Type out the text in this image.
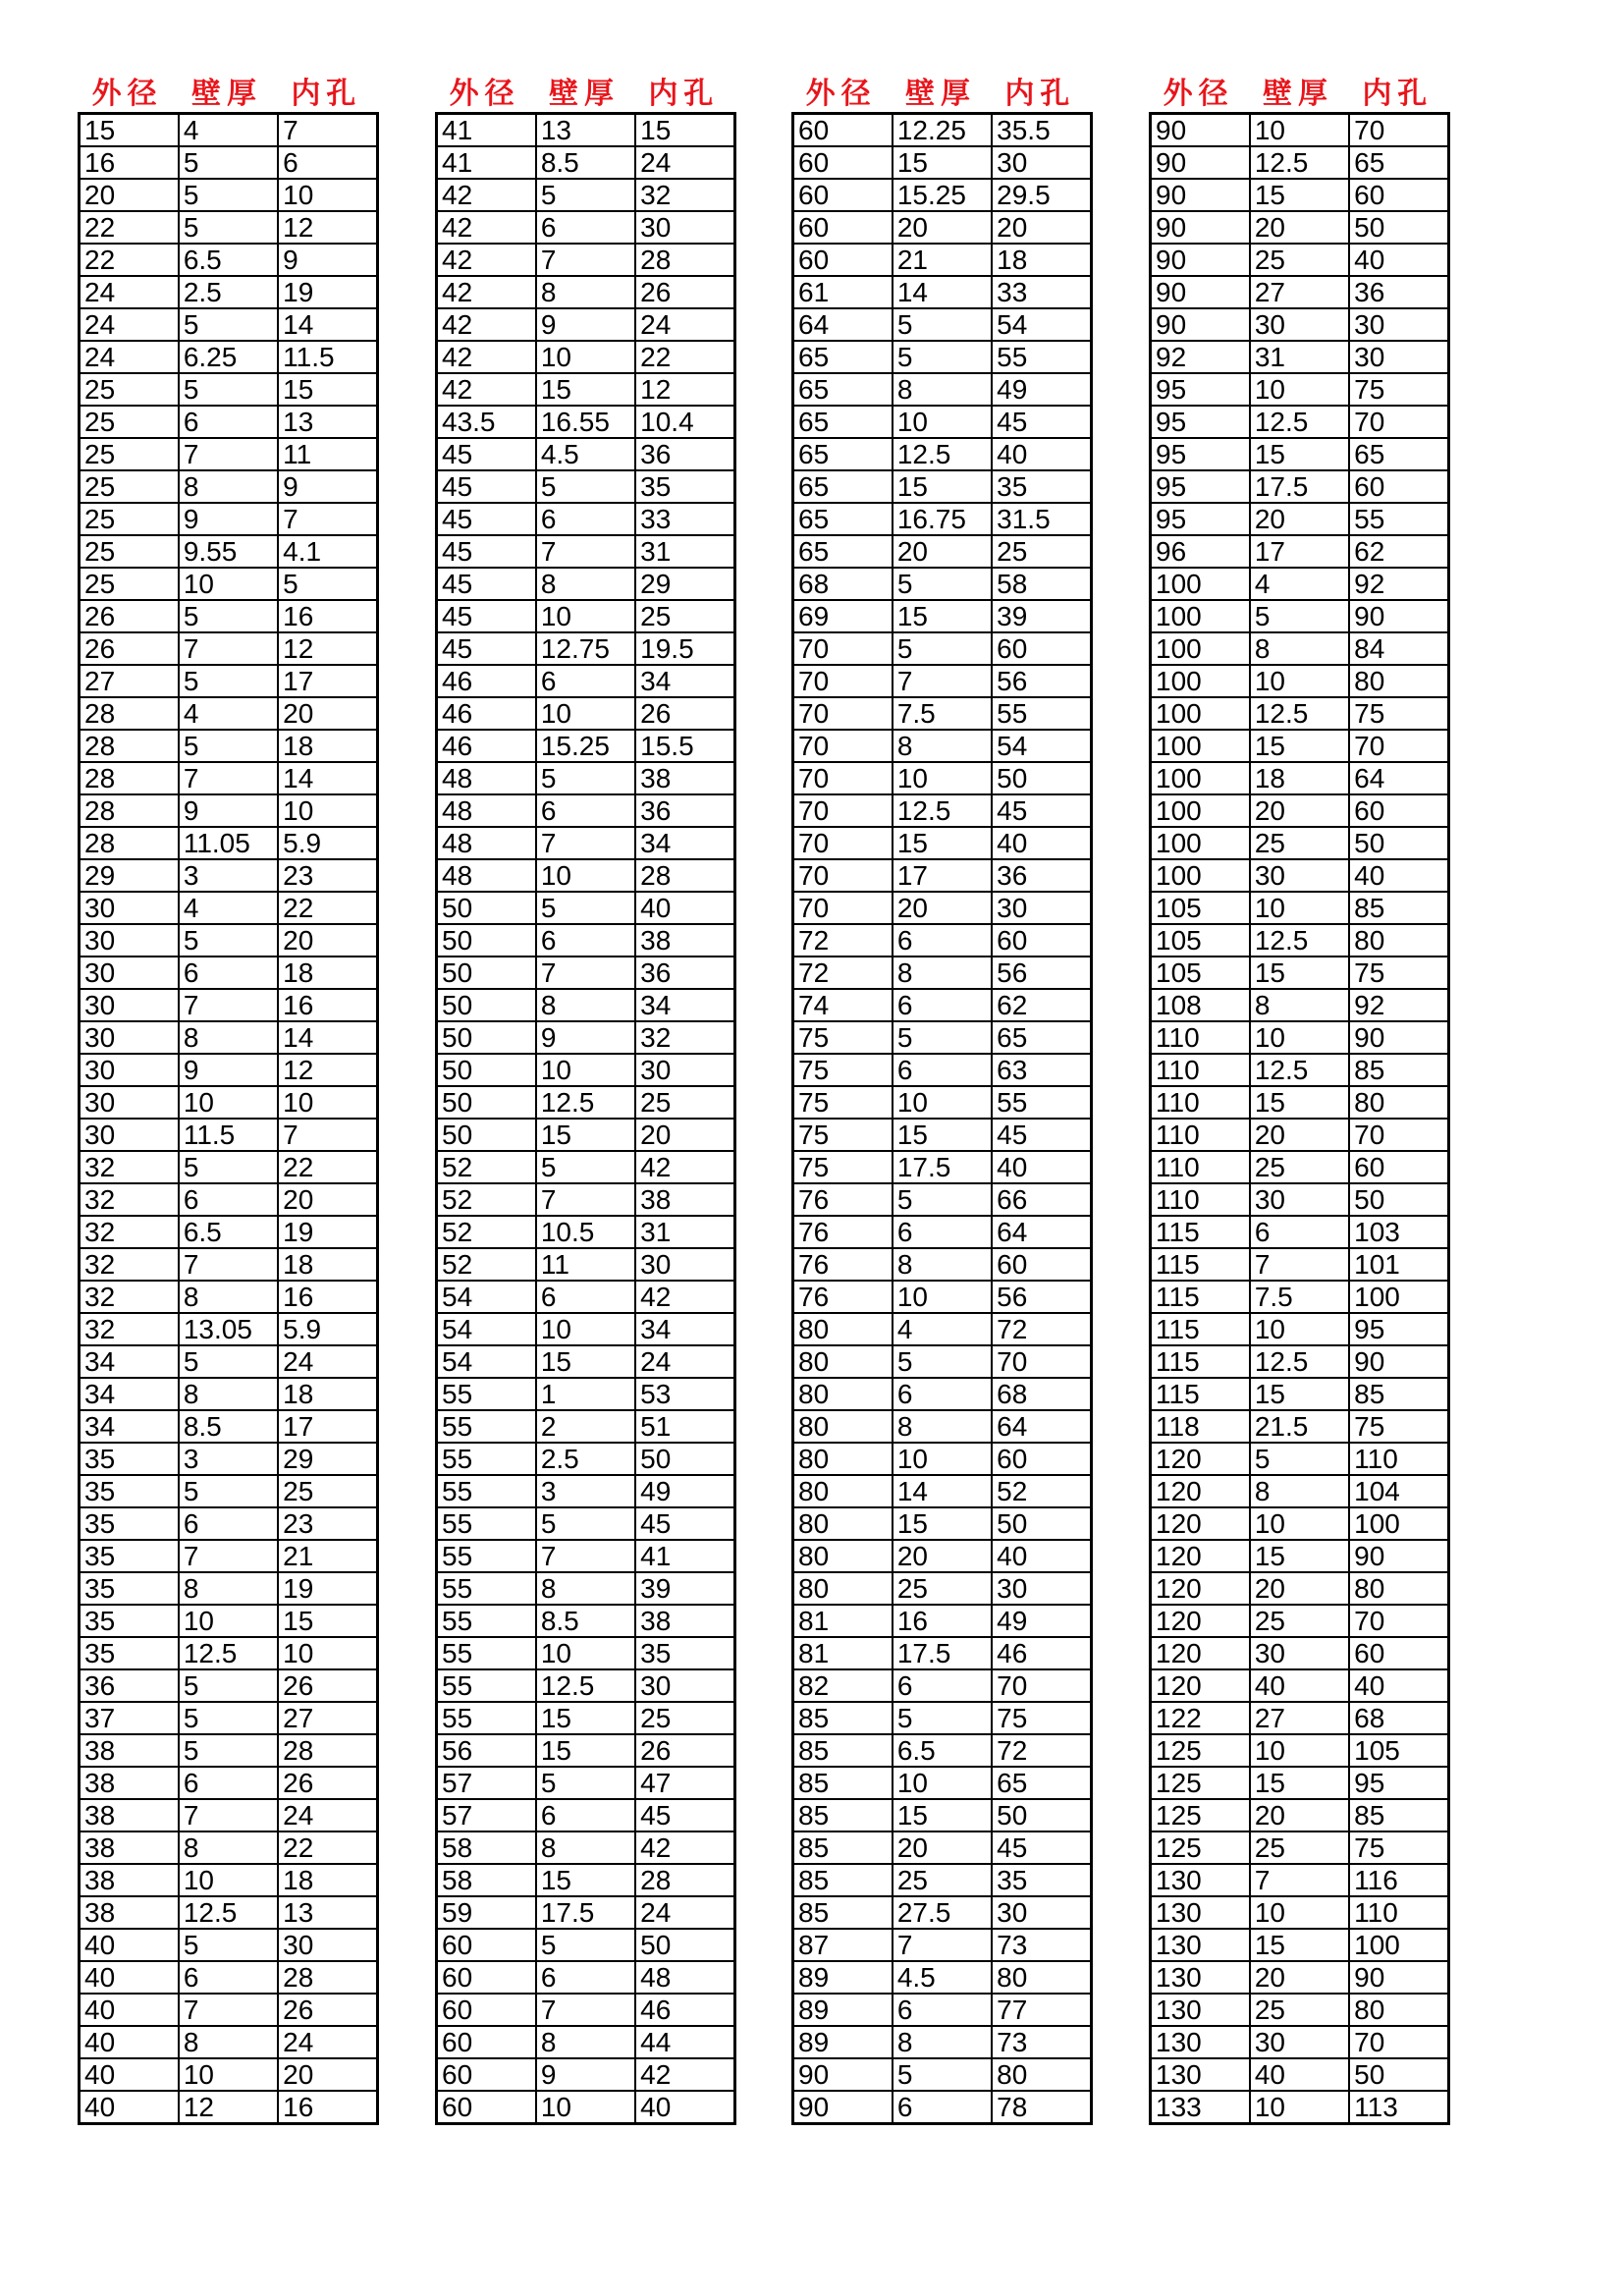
外径 壁厚 内孔
15	4	7
16	5	6
20	5	10
22	5	12
22	6.5	9
24	2.5	19
24	5	14
24	6.25	11.5
25	5	15
25	6	13
25	7	11
25	8	9
25	9	7
25	9.55	4.1
25	10	5
26	5	16
26	7	12
27	5	17
28	4	20
28	5	18
28	7	14
28	9	10
28	11.05	5.9
29	3	23
30	4	22
30	5	20
30	6	18
30	7	16
30	8	14
30	9	12
30	10	10
30	11.5	7
32	5	22
32	6	20
32	6.5	19
32	7	18
32	8	16
32	13.05	5.9
34	5	24
34	8	18
34	8.5	17
35	3	29
35	5	25
35	6	23
35	7	21
35	8	19
35	10	15
35	12.5	10
36	5	26
37	5	27
38	5	28
38	6	26
38	7	24
38	8	22
38	10	18
38	12.5	13
40	5	30
40	6	28
40	7	26
40	8	24
40	10	20
40	12	16
外径 壁厚 内孔
41	13	15
41	8.5	24
42	5	32
42	6	30
42	7	28
42	8	26
42	9	24
42	10	22
42	15	12
43.5	16.55	10.4
45	4.5	36
45	5	35
45	6	33
45	7	31
45	8	29
45	10	25
45	12.75	19.5
46	6	34
46	10	26
46	15.25	15.5
48	5	38
48	6	36
48	7	34
48	10	28
50	5	40
50	6	38
50	7	36
50	8	34
50	9	32
50	10	30
50	12.5	25
50	15	20
52	5	42
52	7	38
52	10.5	31
52	11	30
54	6	42
54	10	34
54	15	24
55	1	53
55	2	51
55	2.5	50
55	3	49
55	5	45
55	7	41
55	8	39
55	8.5	38
55	10	35
55	12.5	30
55	15	25
56	15	26
57	5	47
57	6	45
58	8	42
58	15	28
59	17.5	24
60	5	50
60	6	48
60	7	46
60	8	44
60	9	42
60	10	40
外径 壁厚 内孔
60	12.25	35.5
60	15	30
60	15.25	29.5
60	20	20
60	21	18
61	14	33
64	5	54
65	5	55
65	8	49
65	10	45
65	12.5	40
65	15	35
65	16.75	31.5
65	20	25
68	5	58
69	15	39
70	5	60
70	7	56
70	7.5	55
70	8	54
70	10	50
70	12.5	45
70	15	40
70	17	36
70	20	30
72	6	60
72	8	56
74	6	62
75	5	65
75	6	63
75	10	55
75	15	45
75	17.5	40
76	5	66
76	6	64
76	8	60
76	10	56
80	4	72
80	5	70
80	6	68
80	8	64
80	10	60
80	14	52
80	15	50
80	20	40
80	25	30
81	16	49
81	17.5	46
82	6	70
85	5	75
85	6.5	72
85	10	65
85	15	50
85	20	45
85	25	35
85	27.5	30
87	7	73
89	4.5	80
89	6	77
89	8	73
90	5	80
90	6	78
外径 壁厚 内孔
90	10	70
90	12.5	65
90	15	60
90	20	50
90	25	40
90	27	36
90	30	30
92	31	30
95	10	75
95	12.5	70
95	15	65
95	17.5	60
95	20	55
96	17	62
100	4	92
100	5	90
100	8	84
100	10	80
100	12.5	75
100	15	70
100	18	64
100	20	60
100	25	50
100	30	40
105	10	85
105	12.5	80
105	15	75
108	8	92
110	10	90
110	12.5	85
110	15	80
110	20	70
110	25	60
110	30	50
115	6	103
115	7	101
115	7.5	100
115	10	95
115	12.5	90
115	15	85
118	21.5	75
120	5	110
120	8	104
120	10	100
120	15	90
120	20	80
120	25	70
120	30	60
120	40	40
122	27	68
125	10	105
125	15	95
125	20	85
125	25	75
130	7	116
130	10	110
130	15	100
130	20	90
130	25	80
130	30	70
130	40	50
133	10	113
